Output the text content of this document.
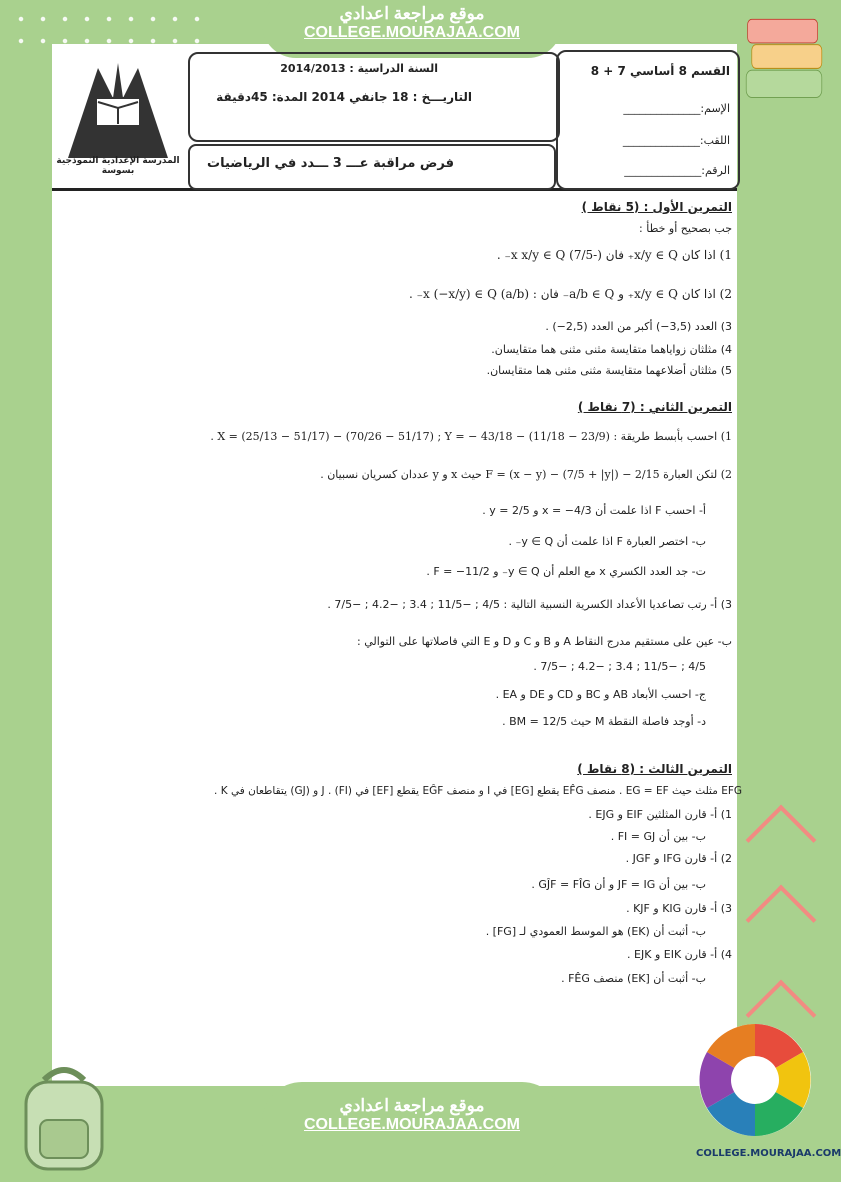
موقع مراجعة اعدادي
COLLEGE.MOURAJAA.COM
المدرسة الإعدادية النموذجية بسوسة
السنة الدراسية : 2014/2013
التاريـــخ : 18 جانفي 2014 المدة: 45دقيقة
فرض مراقبة عـــ 3 ـــدد في الرياضيات
القسم 8 أساسي 7 + 8
الإسم:______________
اللقب:______________
الرقم:______________
التمرين الأول : (5 نقاط )
جب بصحيح أو خطأ :
1) اذا كان x/y ∈ Q₊ فان (-7/5) x x/y ∈ Q₋ .
2) اذا كان x/y ∈ Q₊ و a/b ∈ Q₋ فان : (a/b) x (−x/y) ∈ Q₋ .
3) العدد (3,5−) أكبر من العدد (2,5−) .
4) مثلثان زواياهما متقايسة مثنى مثنى هما متقايسان.
5) مثلثان أضلاعهما متقايسة مثنى مثنى هما متقايسان.
التمرين الثاني : (7 نقاط )
1) احسب بأبسط طريقة : X = (25/13 − 51/17) − (70/26 − 51/17) ; Y = − 43/18 − (11/18 − 23/9) .
2) لتكن العبارة F = (x − y) − (7/5 + |y|) − 2/15 حيث x و y عددان كسريان نسبيان .
أ- احسب F اذا علمت أن x = −4/3 و y = 2/5 .
ب- اختصر العبارة F اذا علمت أن y ∈ Q₋ .
ت- جد العدد الكسري x مع العلم أن y ∈ Q₋ و F = −11/2 .
3) أ- رتب تصاعديا الأعداد الكسرية النسبية التالية : 4/5 ; −11/5 ; 3.4 ; −4.2 ; −7/5 .
ب- عين على مستقيم مدرج النقاط A و B و C و D و E التي فاصلاتها على التوالي :
4/5 ; −11/5 ; 3.4 ; −4.2 ; −7/5 .
ج- احسب الأبعاد AB و BC و CD و DE و EA .
د- أوجد فاصلة النقطة M حيث BM = 12/5 .
التمرين الثالث : (8 نقاط )
EFG مثلث حيث EG = EF . منصف EF̂G يقطع [EG] في I و منصف EĜF يقطع [EF] في J . (FI) و (GJ) يتقاطعان في K .
1) أ- قارن المثلثين EIF و EJG .
ب- بين أن FI = GJ .
2) أ- قارن IFG و JGF .
ب- بين أن JF = IG و أن GĴF = FÎG .
3) أ- قارن KIG و KJF .
ب- أثبت أن (EK) هو الموسط العمودي لـ [FG] .
4) أ- قارن EIK و EJK .
ب- أثبت أن [EK) منصف FÊG .
COLLEGE.MOURAJAA.COM
موقع مراجعة اعدادي
COLLEGE.MOURAJAA.COM
